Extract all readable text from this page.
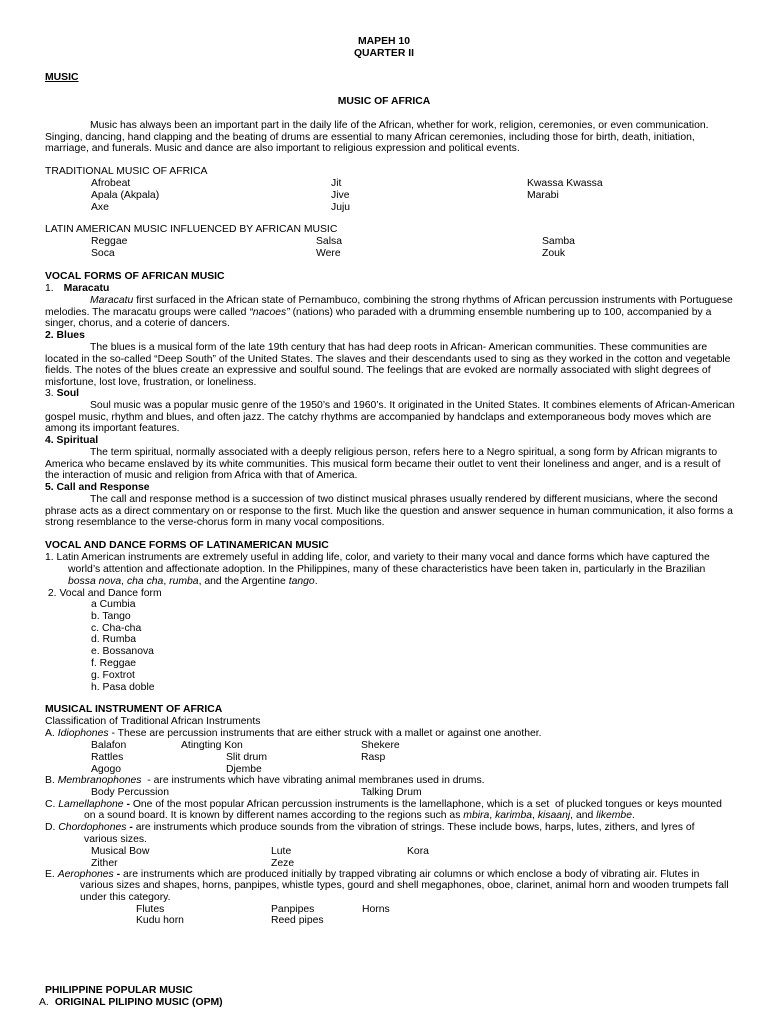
MAPEH 10
QUARTER II
MUSIC
MUSIC OF AFRICA
Music has always been an important part in the daily life of the African, whether for work, religion, ceremonies, or even communication. Singing, dancing, hand clapping and the beating of drums are essential to many African ceremonies, including those for birth, death, initiation, marriage, and funerals. Music and dance are also important to religious expression and political events.
TRADITIONAL MUSIC OF AFRICA
Afrobeat	Jit	Kwassa Kwassa
Apala (Akpala)	Jive	Marabi
Axe	Juju
LATIN AMERICAN MUSIC INFLUENCED BY AFRICAN MUSIC
Reggae	Salsa	Samba
Soca	Were	Zouk
VOCAL FORMS OF AFRICAN MUSIC
1. Maracatu
Maracatu first surfaced in the African state of Pernambuco, combining the strong rhythms of African percussion instruments with Portuguese melodies. The maracatu groups were called “nacoes” (nations) who paraded with a drumming ensemble numbering up to 100, accompanied by a singer, chorus, and a coterie of dancers.
2. Blues
The blues is a musical form of the late 19th century that has had deep roots in African- American communities. These communities are located in the so-called “Deep South” of the United States. The slaves and their descendants used to sing as they worked in the cotton and vegetable fields. The notes of the blues create an expressive and soulful sound. The feelings that are evoked are normally associated with slight degrees of misfortune, lost love, frustration, or loneliness.
3. Soul
Soul music was a popular music genre of the 1950’s and 1960’s. It originated in the United States. It combines elements of African-American gospel music, rhythm and blues, and often jazz. The catchy rhythms are accompanied by handclaps and extemporaneous body moves which are among its important features.
4. Spiritual
The term spiritual, normally associated with a deeply religious person, refers here to a Negro spiritual, a song form by African migrants to America who became enslaved by its white communities. This musical form became their outlet to vent their loneliness and anger, and is a result of the interaction of music and religion from Africa with that of America.
5. Call and Response
The call and response method is a succession of two distinct musical phrases usually rendered by different musicians, where the second phrase acts as a direct commentary on or response to the first. Much like the question and answer sequence in human communication, it also forms a strong resemblance to the verse-chorus form in many vocal compositions.
VOCAL AND DANCE FORMS OF LATINAMERICAN MUSIC
1. Latin American instruments are extremely useful in adding life, color, and variety to their many vocal and dance forms which have captured the
world’s attention and affectionate adoption. In the Philippines, many of these characteristics have been taken in, particularly in the Brazilian
bossa nova, cha cha, rumba, and the Argentine tango.
2. Vocal and Dance form
a Cumbia
b. Tango
c. Cha-cha
d. Rumba
e. Bossanova
f. Reggae
g. Foxtrot
h. Pasa doble
MUSICAL INSTRUMENT OF AFRICA
Classification of Traditional African Instruments
A. Idiophones - These are percussion instruments that are either struck with a mallet or against one another.
Balafon	Atingting Kon	Shekere
Rattles	Slit drum	Rasp
Agogo	Djembe
B. Membranophones  - are instruments which have vibrating animal membranes used in drums.
Body Percussion	Talking Drum
C. Lamellaphone - One of the most popular African percussion instruments is the lamellaphone, which is a set  of plucked tongues or keys mounted
on a sound board. It is known by different names according to the regions such as mbira, karimba, kisaanj, and likembe.
D. Chordophones - are instruments which produce sounds from the vibration of strings. These include bows, harps, lutes, zithers, and lyres of
various sizes.
Musical Bow	Lute	Kora
Zither	Zeze
E. Aerophones - are instruments which are produced initially by trapped vibrating air columns or which enclose a body of vibrating air. Flutes in
various sizes and shapes, horns, panpipes, whistle types, gourd and shell megaphones, oboe, clarinet, animal horn and wooden trumpets fall
under this category.
Flutes	Panpipes	Horns
Kudu horn	Reed pipes
PHILIPPINE POPULAR MUSIC
A. ORIGINAL PILIPINO MUSIC (OPM)
